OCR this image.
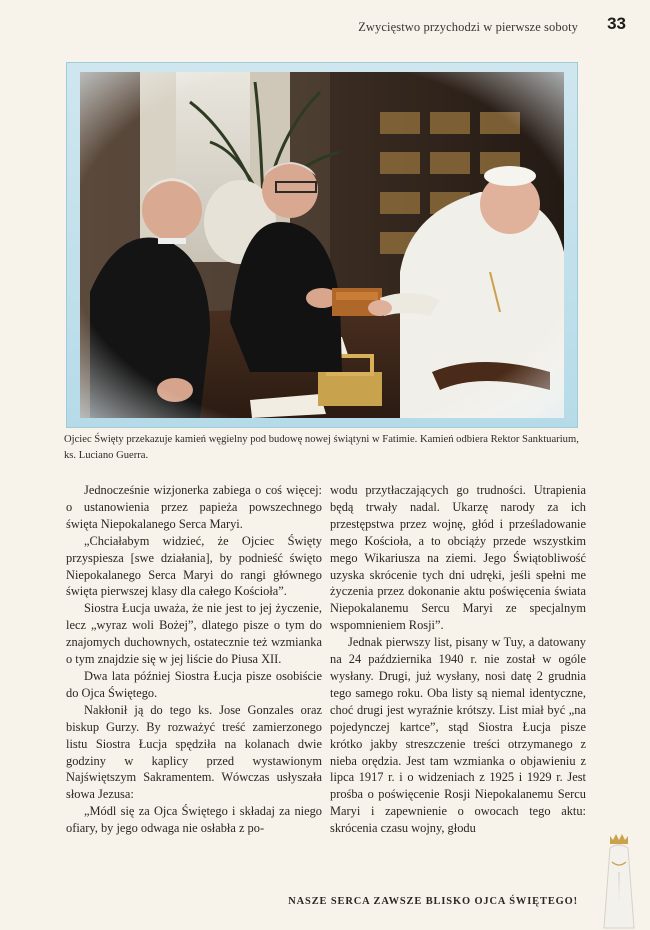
Zwycięstwo przychodzi w pierwsze soboty 33
Ojciec Święty przekazuje kamień węgielny pod budowę nowej świątyni w Fatimie. Kamień odbiera Rektor Sanktuarium, ks. Luciano Guerra.

Jednocześnie wizjonerka zabiega o coś więcej: o ustanowienia przez papieża powszechnego święta Niepokalanego Serca Maryi.

„Chciałabym widzieć, że Ojciec Święty przyspiesza [swe działania], by podnieść święto Niepokalanego Serca Maryi do rangi głównego święta pierwszej klasy dla całego Kościoła”.

Siostra Łucja uważa, że nie jest to jej życzenie, lecz „wyraz woli Bożej”, dlatego pisze o tym do znajomych duchownych, ostatecznie też wzmianka o tym znajdzie się w jej liście do Piusa XII.

Dwa lata później Siostra Łucja pisze osobiście do Ojca Świętego.

Nakłonił ją do tego ks. Jose Gonzales oraz biskup Gurzy. By rozważyć treść zamierzonego listu Siostra Łucja spędziła na kolanach dwie godziny w kaplicy przed wystawionym Najświętszym Sakramentem. Wówczas usłyszała słowa Jezusa:

„Módl się za Ojca Świętego i składaj za niego ofiary, by jego odwaga nie osłabła z po-

wodu przytłaczających go trudności. Utrapienia będą trwały nadal. Ukarzę narody za ich przestępstwa przez wojnę, głód i prześladowanie mego Kościoła, a to obciąży przede wszystkim mego Wikariusza na ziemi. Jego Świątobliwość uzyska skrócenie tych dni udręki, jeśli spełni me życzenia przez dokonanie aktu poświęcenia świata Niepokalanemu Sercu Maryi ze specjalnym wspomnieniem Rosji”.

Jednak pierwszy list, pisany w Tuy, a datowany na 24 października 1940 r. nie został w ogóle wysłany. Drugi, już wysłany, nosi datę 2 grudnia tego samego roku. Oba listy są niemal identyczne, choć drugi jest wyraźnie krótszy. List miał być „na pojedynczej kartce”, stąd Siostra Łucja pisze krótko jakby streszczenie treści otrzymanego z nieba orędzia. Jest tam wzmianka o objawieniu z lipca 1917 r. i o widzeniach z 1925 i 1929 r. Jest prośba o poświęcenie Rosji Niepokalanemu Sercu Maryi i zapewnienie o owocach tego aktu: skrócenia czasu wojny, głodu

NASZE SERCA ZAWSZE BLISKO OJCA ŚWIĘTEGO!
